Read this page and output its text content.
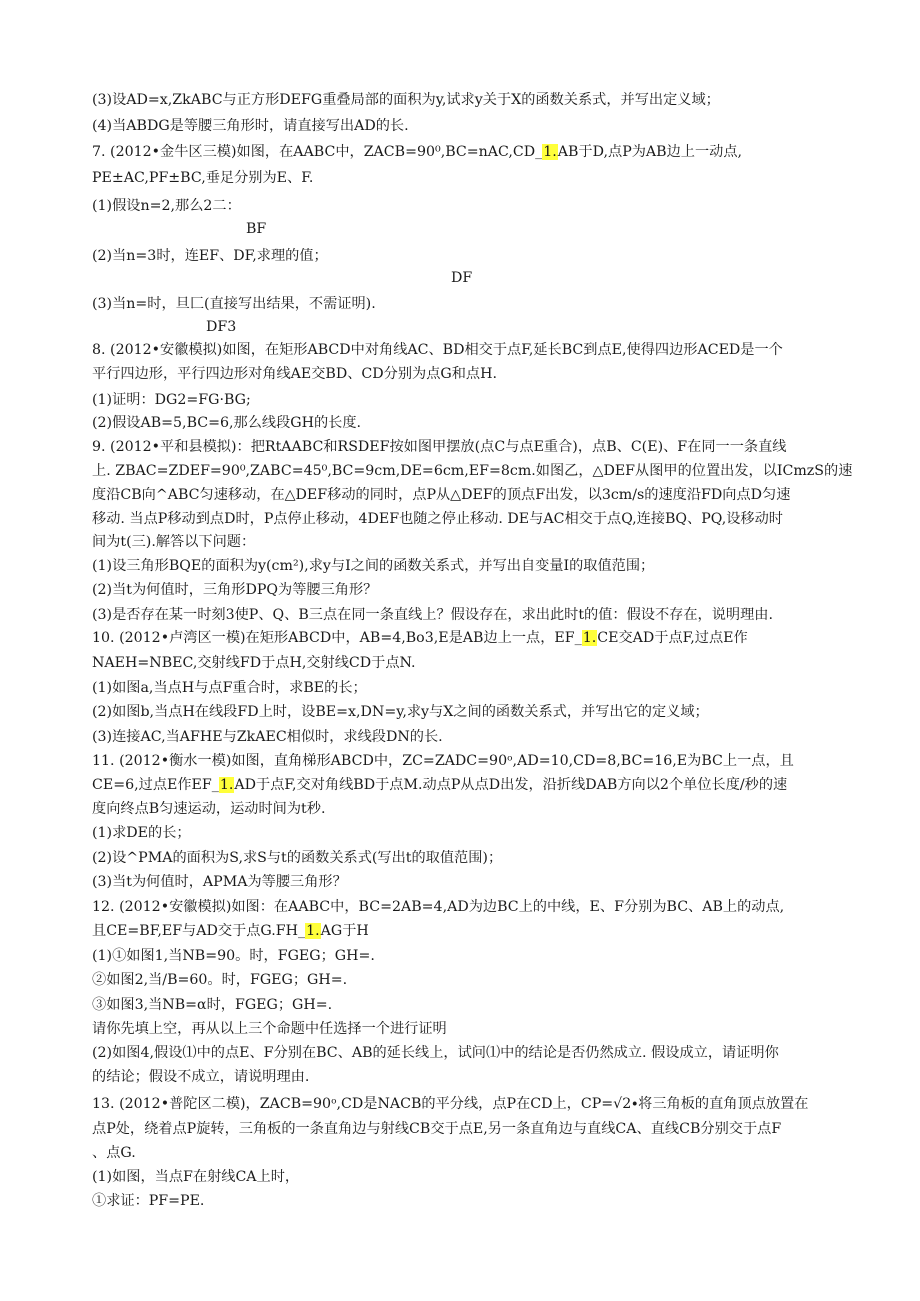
(3)设AD=x,ZkABC与正方形DEFG重叠局部的面积为y,试求y关于X的函数关系式，并写出定义域；
(4)当ABDG是等腰三角形时，请直接写出AD的长.
7. (2012•金牛区三模)如图，在AABC中，ZACB=90⁰,BC=nAC,CD_1.AB于D,点P为AB边上一动点,
PE±AC,PF±BC,垂足分别为E、F.
(1)假设n=2,那么2二：
BF
(2)当n=3时，连EF、DF,求理的值；
DF
(3)当n=时，旦匚(直接写出结果，不需证明).
DF3
8. (2012•安徽模拟)如图，在矩形ABCD中对角线AC、BD相交于点F,延长BC到点E,使得四边形ACED是一个
平行四边形，平行四边形对角线AE交BD、CD分别为点G和点H.
(1)证明：DG2=FG·BG;
(2)假设AB=5,BC=6,那么线段GH的长度.
9. (2012•平和县模拟)：把RtAABC和RSDEF按如图甲摆放(点C与点E重合)，点B、C(E)、F在同一一条直线
上. ZBAC=ZDEF=90⁰,ZABC=45⁰,BC=9cm,DE=6cm,EF=8cm.如图乙，△DEF从图甲的位置出发，以ICmzS的速
度沿CB向^ABC匀速移动，在△DEF移动的同时，点P从△DEF的顶点F出发，以3cm∕s的速度沿FD向点D匀速
移动. 当点P移动到点D时，P点停止移动，4DEF也随之停止移动. DE与AC相交于点Q,连接BQ、PQ,设移动时
间为t(三).解答以下问题：
(1)设三角形BQE的面积为y(cm²),求y与I之间的函数关系式，并写出自变量I的取值范围；
(2)当t为何值时，三角形DPQ为等腰三角形？
(3)是否存在某一时刻3使P、Q、B三点在同一条直线上？假设存在，求出此时t的值：假设不存在，说明理由.
10. (2012•卢湾区一模)在矩形ABCD中，AB=4,Bo3,E是AB边上一点，EF_1.CE交AD于点F,过点E作
NAEH=NBEC,交射线FD于点H,交射线CD于点N.
(1)如图a,当点H与点F重合时，求BE的长；
(2)如图b,当点H在线段FD上时，设BE=x,DN=y,求y与X之间的函数关系式，并写出它的定义域；
(3)连接AC,当AFHE与ZkAEC相似时，求线段DN的长.
11. (2012•衡水一模)如图，直角梯形ABCD中，ZC=ZADC=90ᵒ,AD=10,CD=8,BC=16,E为BC上一点，且
CE=6,过点E作EF_1.AD于点F,交对角线BD于点M.动点P从点D出发，沿折线DAB方向以2个单位长度/秒的速
度向终点B匀速运动，运动时间为t秒.
(1)求DE的长；
(2)设^PMA的面积为S,求S与t的函数关系式(写出t的取值范围)；
(3)当t为何值时，APMA为等腰三角形？
12. (2012•安徽模拟)如图：在AABC中，BC=2AB=4,AD为边BC上的中线，E、F分别为BC、AB上的动点,
且CE=BF,EF与AD交于点G.FH_1.AG于H
(1)①如图1,当NB=90。时，FGEG；GH=.
②如图2,当∕B=60。时，FGEG；GH=.
③如图3,当NB=α时，FGEG；GH=.
请你先填上空，再从以上三个命题中任选择一个进行证明
(2)如图4,假设⑴中的点E、F分别在BC、AB的延长线上，试问⑴中的结论是否仍然成立. 假设成立，请证明你
的结论；假设不成立，请说明理由.
13. (2012•普陀区二模)，ZACB=90ᵒ,CD是NACB的平分线，点P在CD上，CP=√2∙将三角板的直角顶点放置在
点P处，绕着点P旋转，三角板的一条直角边与射线CB交于点E,另一条直角边与直线CA、直线CB分别交于点F
、点G.
(1)如图，当点F在射线CA上时，
①求证：PF=PE.
